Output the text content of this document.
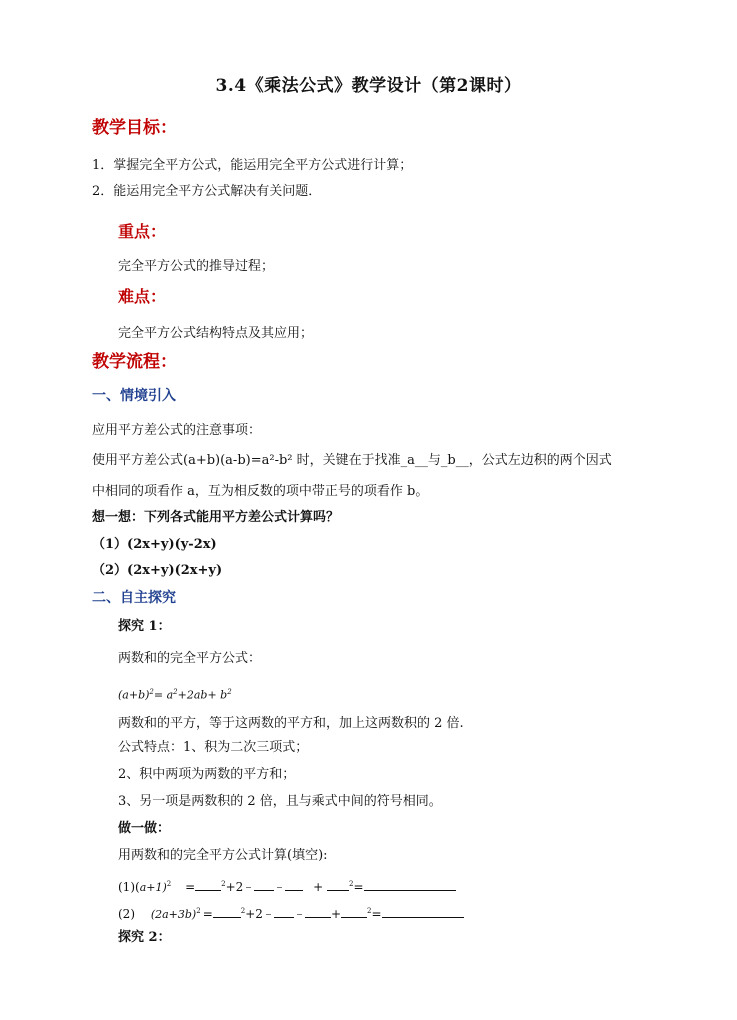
3.4《乘法公式》教学设计（第2课时）
教学目标：
1．掌握完全平方公式，能运用完全平方公式进行计算；
2．能运用完全平方公式解决有关问题．
重点：
完全平方公式的推导过程；
难点：
完全平方公式结构特点及其应用；
教学流程：
一、情境引入
应用平方差公式的注意事项：
使用平方差公式(a+b)(a-b)=a²-b² 时，关键在于找准_a__与_b__，公式左边积的两个因式
中相同的项看作 a，互为相反数的项中带正号的项看作 b。
想一想：下列各式能用平方差公式计算吗？
（1）(2x+y)(y-2x)
（2）(2x+y)(2x+y)
二、自主探究
探究 1：
两数和的完全平方公式：
$(a+b)^2= a^2+2ab+ b^2$
两数和的平方，等于这两数的平方和，加上这两数积的 2 倍.
公式特点：1、积为二次三项式；
2、积中两项为两数的平方和；
3、另一项是两数积的 2 倍，且与乘式中间的符号相同。
做一做：
用两数和的完全平方公式计算(填空):
$(1)(a+1)^2$ =	$^2$+2	+	$^2$=
(2) $(2a+3b)^2$ =	$^2$+2	+	$^2$=
探究 2：
